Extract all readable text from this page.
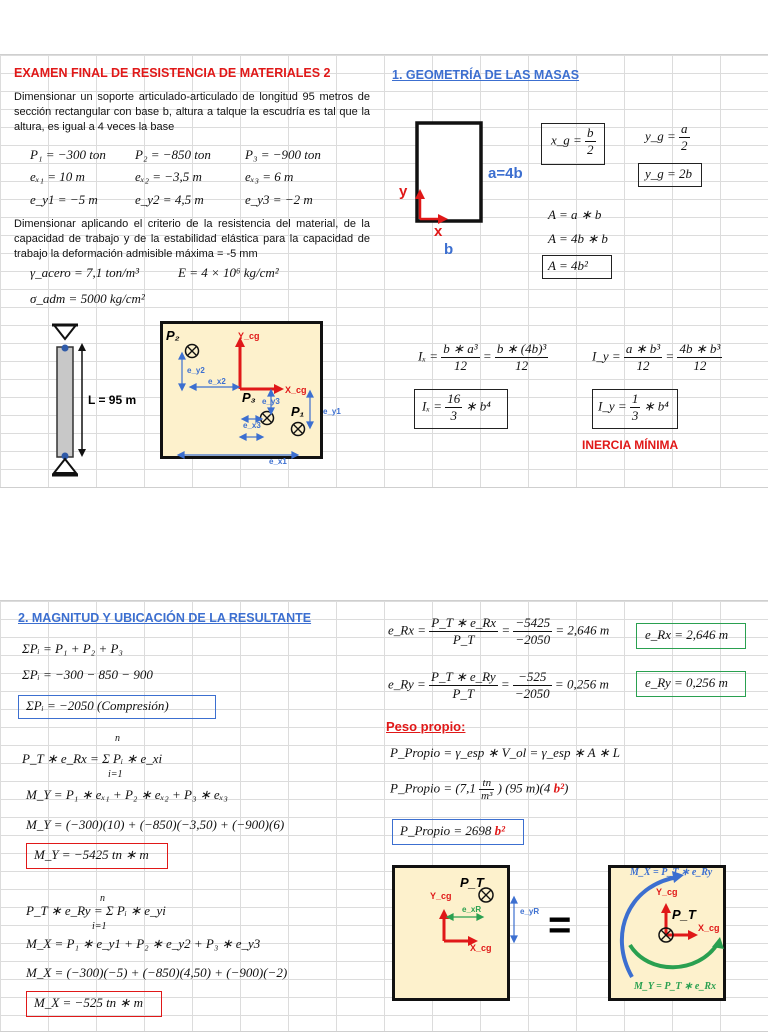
EXAMEN FINAL DE RESISTENCIA DE MATERIALES 2
Dimensionar un soporte articulado-articulado de longitud 95 metros de sección rectangular con base b, altura a talque la escudría es tal que la altura, es igual a 4 veces la base
P₁ = −300 ton P₂ = −850 ton	P₃ = −900 ton
eₓ₁ = 10 m	eₓ₂ = −3,5 m	eₓ₃ = 6 m
e_y1 = −5 m	e_y2 = 4,5 m	e_y3 = −2 m
Dimensionar aplicando el criterio de la resistencia del material, de la capacidad de trabajo y de la estabilidad elástica para la capacidad de trabajo la deformación admisible máxima = -5 mm
γ_acero = 7,1 ton/m³	E = 4 × 10⁶ kg/cm²
σ_adm = 5000 kg/cm²
L = 95 m
P₂
P₃
P₁
Y_cg
X_cg
e_y2
e_x2
e_y3
e_x3
e_y1
e_x1
1. GEOMETRÍA DE LAS MASAS
a=4b
y
x
b
x_g = $\frac{b}{2}$	y_g = $\frac{a}{2}$
y_g = 2b
A = a ∗ b
A = 4b ∗ b
A = 4b²
$I_x = \frac{\text{b ∗ a³}}{12} = \frac{\text{b ∗ (4b)³}}{12}$	I_y = $\frac{\text{a ∗ b³}}{12} = \frac{\text{4b ∗ b³}}{12}$
$I_x = \frac{16}{3}$ ∗ b⁴	I_y = $\frac{1}{3}$ ∗ b⁴
INERCIA MÍNIMA
2. MAGNITUD Y UBICACIÓN DE LA RESULTANTE
ΣPᵢ = P₁ + P₂ + P₃
ΣPᵢ = −300 − 850 − 900
ΣPᵢ = −2050 (Compresión)
n
P_T ∗ e_Rx = Σ Pᵢ ∗ e_xi
i=1
M_Y = P₁ ∗ eₓ₁ + P₂ ∗ eₓ₂ + P₃ ∗ eₓ₃
M_Y = (−300)(10) + (−850)(−3,50) + (−900)(6)
M_Y = −5425 tn ∗ m
n
P_T ∗ e_Ry = Σ Pᵢ ∗ e_yi
i=1
M_X = P₁ ∗ e_y1 + P₂ ∗ e_y2 + P₃ ∗ e_y3
M_X = (−300)(−5) + (−850)(4,50) + (−900)(−2)
M_X = −525 tn ∗ m
e_Rx = $\frac{P\_T ∗ e\_Rx}{P\_T} = \frac{-5425}{-2050} = 2,646$ m	e_Rx = 2,646 m
e_Ry = $\frac{P\_T ∗ e\_Ry}{P\_T} = \frac{-525}{-2050} = 0,256$ m	e_Ry = 0,256 m
Peso propio:
P_Propio = γ_esp ∗ V_ol = γ_esp ∗ A ∗ L
P_Propio = ($7,1 \frac{tn}{\text{m³}}$ ) (95 m)(4 b²)
P_Propio = 2698 b²
P_T
Y_cg
X_cg
e_xR	e_yR =
M_X = P_T ∗ e_Ry
Y_cg
P_T
X_cg
M_Y = P_T ∗ e_Rx
